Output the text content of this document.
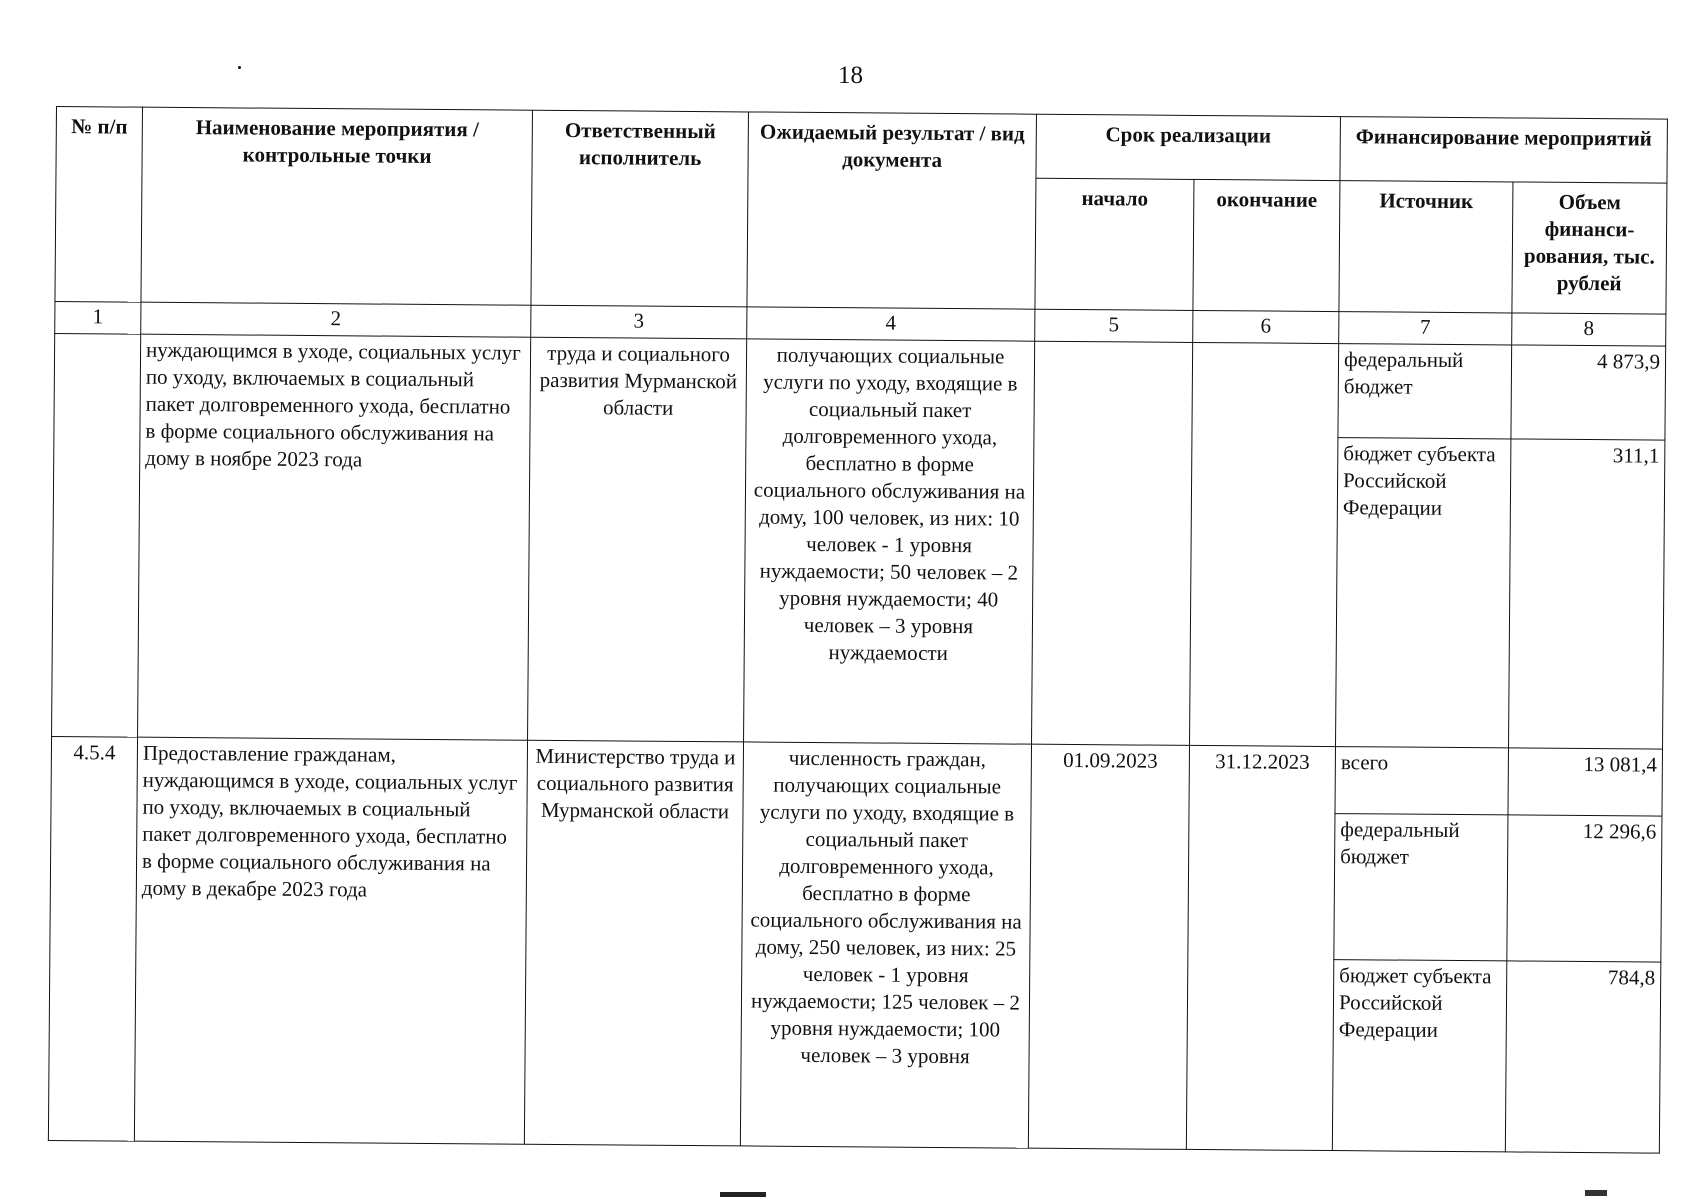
18
№ п/п	Наименование мероприятия / контрольные точки	Ответственный исполнитель	Ожидаемый результат / вид документа	Срок реализации		Финансирование мероприятий	
				начало	окончание	Источник	Объем финанси-рования, тыс. рублей
1	2	3	4	5	6	7	8
	нуждающимся в уходе, социальных услуг по уходу, включаемых в социальный пакет долговременного ухода, бесплатно в форме социального обслуживания на дому в ноябре 2023 года	труда и социального развития Мурманской области	получающих социальные услуги по уходу, входящие в социальный пакет долговременного ухода, бесплатно в форме социального обслуживания на дому, 100 человек, из них: 10 человек - 1 уровня нуждаемости; 50 человек – 2 уровня нуждаемости; 40 человек – 3 уровня нуждаемости			федеральный бюджет	4 873,9
						бюджет субъекта Российской Федерации	311,1
4.5.4	Предоставление гражданам, нуждающимся в уходе, социальных услуг по уходу, включаемых в социальный пакет долговременного ухода, бесплатно в форме социального обслуживания на дому в декабре 2023 года	Министерство труда и социального развития Мурманской области	численность граждан, получающих социальные услуги по уходу, входящие в социальный пакет долговременного ухода, бесплатно в форме социального обслуживания на дому, 250 человек, из них: 25 человек - 1 уровня нуждаемости; 125 человек – 2 уровня нуждаемости; 100 человек – 3 уровня	01.09.2023	31.12.2023	всего	13 081,4
						федеральный бюджет	12 296,6
						бюджет субъекта Российской Федерации	784,8
